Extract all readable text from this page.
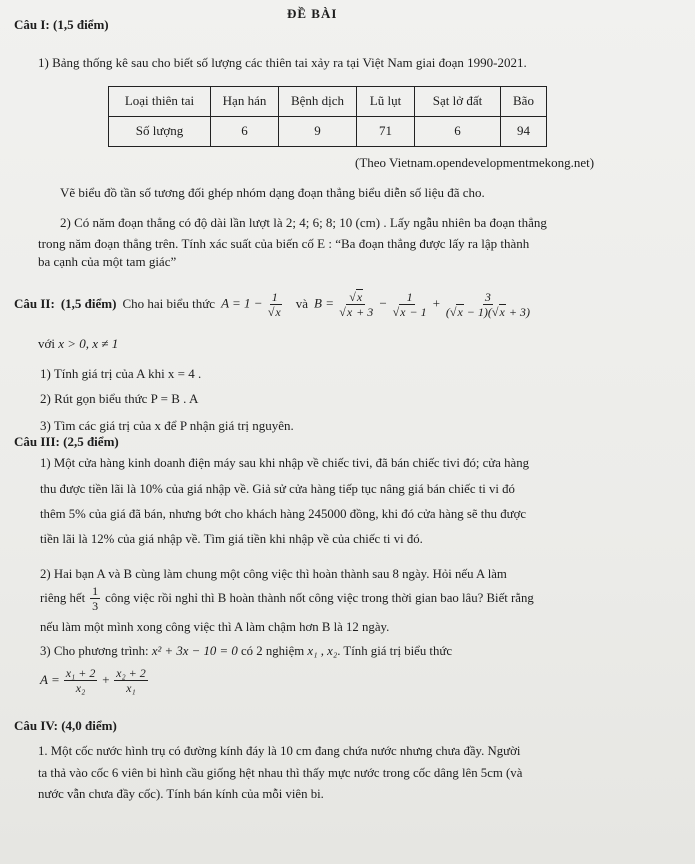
ĐỀ BÀI
Câu I: (1,5 điểm)
1) Bảng thống kê sau cho biết số lượng các thiên tai xảy ra tại Việt Nam giai đoạn 1990-2021.
Loại thiên tai	Hạn hán	Bệnh dịch	Lũ lụt	Sạt lở đất	Bão
Số lượng	6	9	71	6	94
(Theo Vietnam.opendevelopmentmekong.net)
Vẽ biểu đồ tần số tương đối ghép nhóm dạng đoạn thẳng biểu diễn số liệu đã cho.
2) Có năm đoạn thẳng có độ dài lần lượt là 2; 4; 6; 8; 10 (cm) . Lấy ngẫu nhiên ba đoạn thẳng
trong năm đoạn thẳng trên. Tính xác suất của biến cố E : “Ba đoạn thẳng được lấy ra lập thành
ba cạnh của một tam giác”
Câu II: (1,5 điểm) Cho hai biểu thức $A = 1 - \frac{1}{√x}$ và $B = \frac{√x}{√x + 3} - \frac{1}{√x - 1} + \frac{3}{(√x - 1)(√x + 3)}$
với x > 0, x ≠ 1
1) Tính giá trị của A khi x = 4 .
2) Rút gọn biểu thức P = B . A
3) Tìm các giá trị của x để P nhận giá trị nguyên.
Câu III: (2,5 điểm)
1) Một cửa hàng kinh doanh điện máy sau khi nhập về chiếc tivi, đã bán chiếc tivi đó; cửa hàng
thu được tiền lãi là 10% của giá nhập về. Giả sử cửa hàng tiếp tục nâng giá bán chiếc ti vi đó
thêm 5% của giá đã bán, nhưng bớt cho khách hàng 245000 đồng, khi đó cửa hàng sẽ thu được
tiền lãi là 12% của giá nhập về. Tìm giá tiền khi nhập về của chiếc ti vi đó.
2) Hai bạn A và B cùng làm chung một công việc thì hoàn thành sau 8 ngày. Hỏi nếu A làm
riêng hết $\frac{1}{3}$ công việc rồi nghỉ thì B hoàn thành nốt công việc trong thời gian bao lâu? Biết rằng
nếu làm một mình xong công việc thì A làm chậm hơn B là 12 ngày.
3) Cho phương trình: x² + 3x − 10 = 0 có 2 nghiệm x₁ , x₂. Tính giá trị biểu thức
$A = \frac{\text{x₁ + 2}}{\text{x₂}} + \frac{\text{x₂ + 2}}{\text{x₁}}$
Câu IV: (4,0 điểm)
1. Một cốc nước hình trụ có đường kính đáy là 10 cm đang chứa nước nhưng chưa đầy. Người
ta thả vào cốc 6 viên bi hình cầu giống hệt nhau thì thấy mực nước trong cốc dâng lên 5cm (và
nước vẫn chưa đầy cốc). Tính bán kính của mỗi viên bi.
